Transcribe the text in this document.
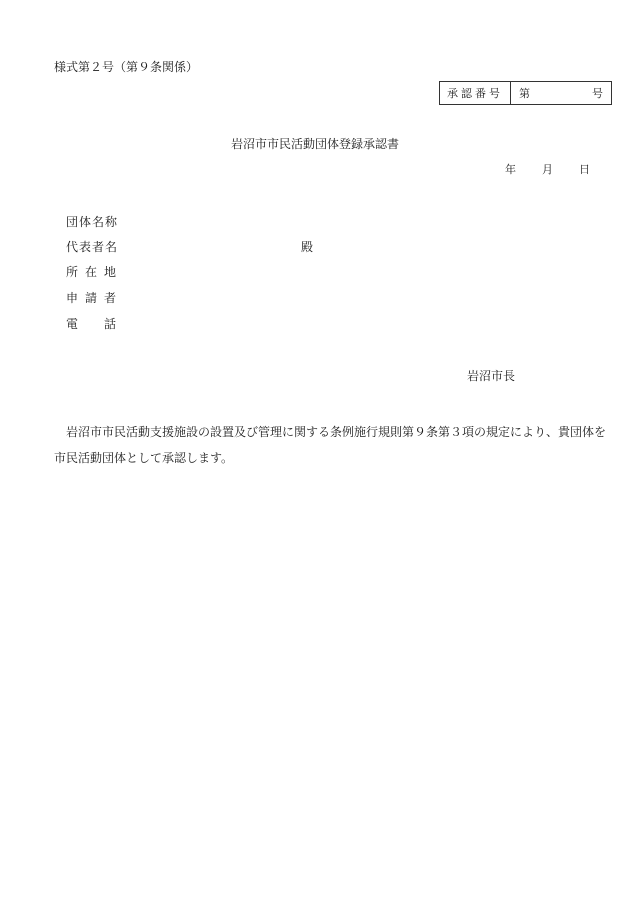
様式第２号（第９条関係）
承認番号	第	号
岩沼市市民活動団体登録承認書
年 月 日
団体名称
代表者名	殿
所在地
申請者
電話
岩沼市長
岩沼市市民活動支援施設の設置及び管理に関する条例施行規則第９条第３項の規定により、貴団体を市民活動団体として承認します。
